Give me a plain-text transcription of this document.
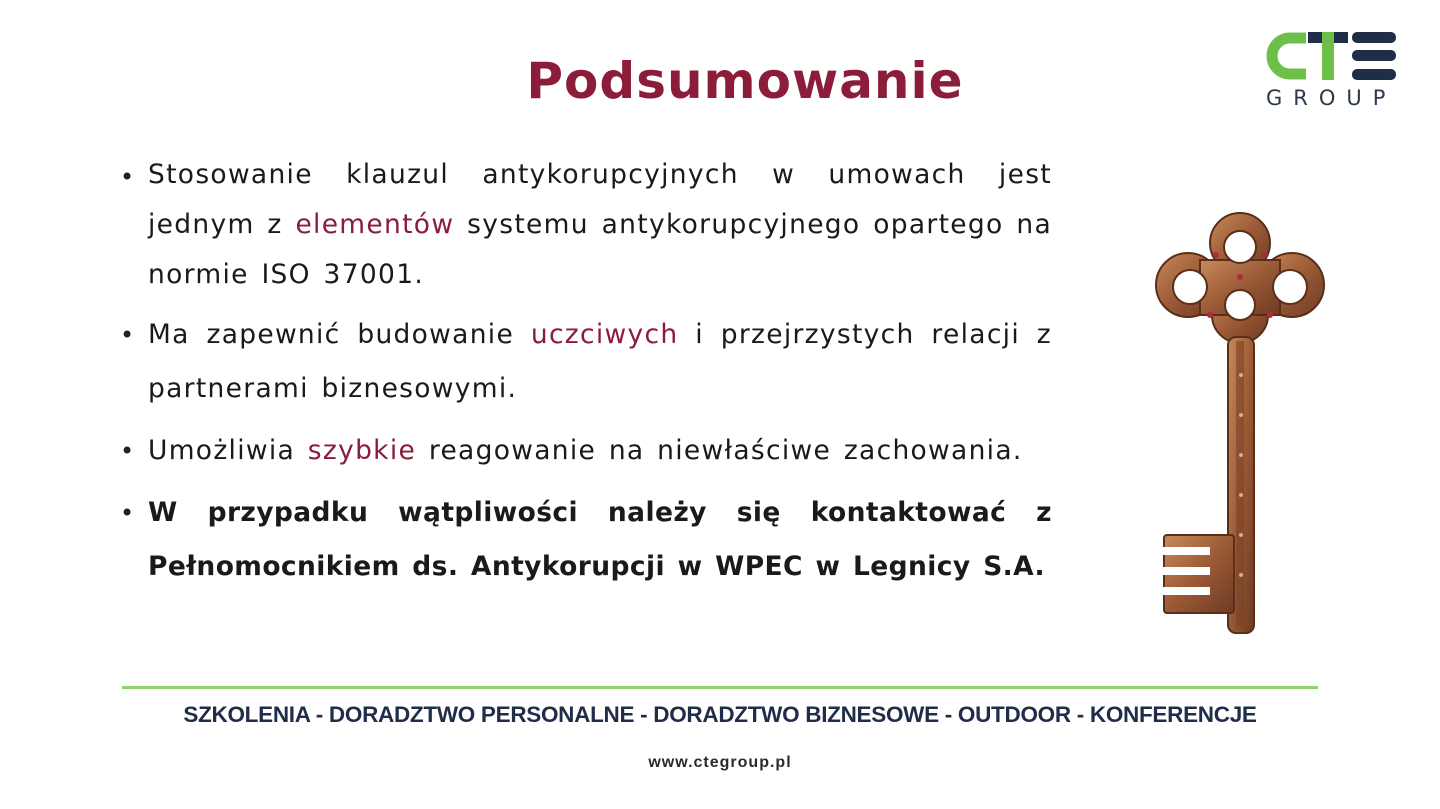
Podsumowanie	GROUP
• Stosowanie klauzul antykorupcyjnych w umowach jest jednym z elementów systemu antykorupcyjnego opartego na normie ISO 37001.
• Ma zapewnić budowanie uczciwych i przejrzystych relacji z partnerami biznesowymi.
• Umożliwia szybkie reagowanie na niewłaściwe zachowania.
• W przypadku wątpliwości należy się kontaktować z Pełnomocnikiem ds. Antykorupcji w WPEC w Legnicy S.A.
SZKOLENIA - DORADZTWO PERSONALNE - DORADZTWO BIZNESOWE - OUTDOOR - KONFERENCJE
www.ctegroup.pl
